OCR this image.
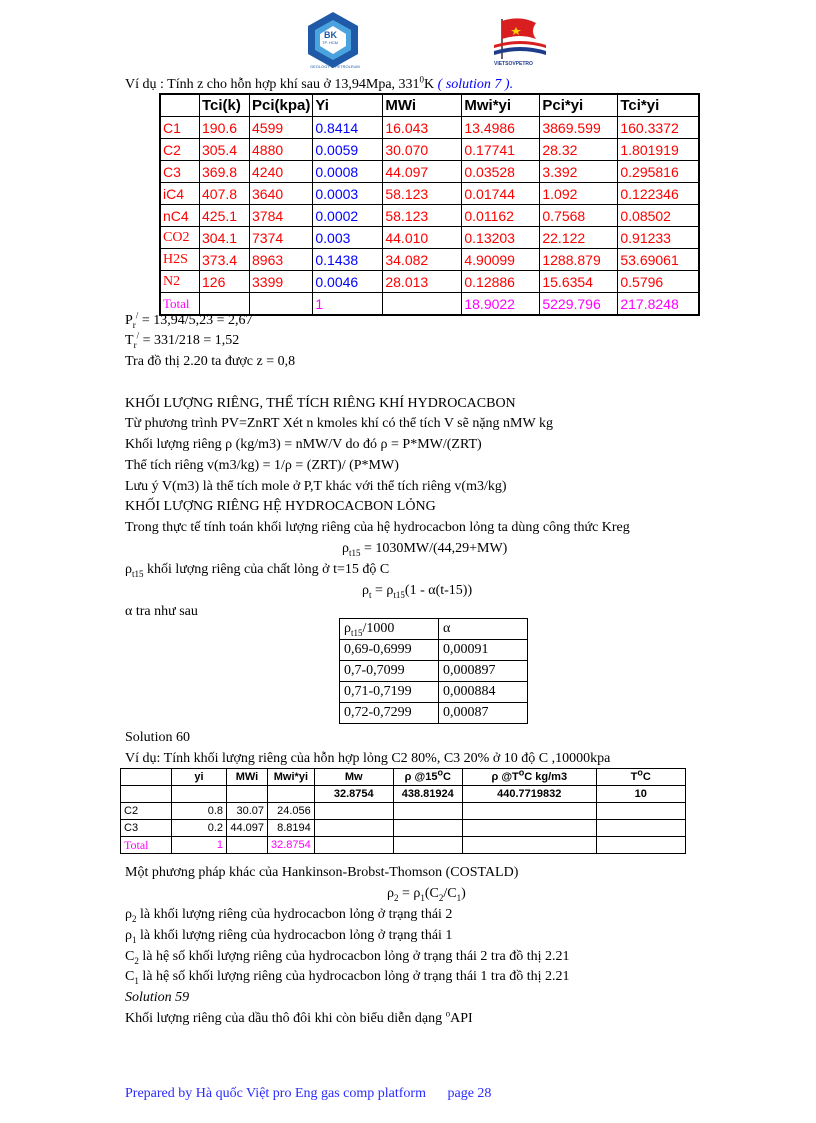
BK
TP. HCM
GEOLOGY & PETROLEUM	VIETSOVPETRO
Ví dụ : Tính z cho hỗn hợp khí sau ở 13,94Mpa, $331^0K$ ( solution 7 ).
	Tci(k)	Pci(kpa)	Yi	MWi	Mwi*yi	Pci*yi	Tci*yi
C1	190.6	4599	0.8414	16.043	13.4986	3869.599	160.3372
C2	305.4	4880	0.0059	30.070	0.17741	28.32	1.801919
C3	369.8	4240	0.0008	44.097	0.03528	3.392	0.295816
iC4	407.8	3640	0.0003	58.123	0.01744	1.092	0.122346
nC4	425.1	3784	0.0002	58.123	0.01162	0.7568	0.08502
CO2	304.1	7374	0.003	44.010	0.13203	22.122	0.91233
H2S	373.4	8963	0.1438	34.082	4.90099	1288.879	53.69061
N2	126	3399	0.0046	28.013	0.12886	15.6354	0.5796
Total			1		18.9022	5229.796	217.8248
$P_r^/ = 13,94/5,23 = 2,67$
$T_r^/ = 331/218 = 1,52$
Tra đồ thị 2.20 ta được z = 0,8
KHỐI LƯỢNG RIÊNG, THỂ TÍCH RIÊNG KHÍ HYDROCACBON
Từ phương trình PV=ZnRT Xét n kmoles khí có thể tích V sẽ nặng nMW kg
Khối lượng riêng ρ (kg/m3) = nMW/V do đó ρ = P*MW/(ZRT)
Thể tích riêng v(m3/kg) = 1/ρ = (ZRT)/ (P*MW)
Lưu ý V(m3) là thể tích mole ở P,T khác với thể tích riêng v(m3/kg)
KHỐI LƯỢNG RIÊNG HỆ HYDROCACBON LỎNG
Trong thực tế tính toán khối lượng riêng của hệ hydrocacbon lỏng ta dùng công thức Kreg
$\rho_{t15} = 1030MW/(44,29+MW)$
$\rho_{t15}$ khối lượng riêng của chất lỏng ở t=15 độ C
$\rho_t = \rho_{t15}(1 - \alpha(t-15))$
α tra như sau
$\rho_{t15}/1000$	α
0,69-0,6999	0,00091
0,7-0,7099	0,000897
0,71-0,7199	0,000884
0,72-0,7299	0,00087
Solution 60
Ví dụ: Tính khối lượng riêng của hỗn hợp lỏng C2 80%, C3 20% ở 10 độ C ,10000kpa
	yi	MWi	Mwi*yi	Mw	ρ @15$^o$C	ρ $@T^oC$ kg/m3	$T^oC$
				32.8754	438.81924	440.7719832	10
C2	0.8	30.07	24.056				
C3	0.2	44.097	8.8194				
Total	1		32.8754				
Một phương pháp khác của Hankinson-Brobst-Thomson (COSTALD)
$\rho_2 = \rho_1(C_2/C_1)$
$\rho_2$ là khối lượng riêng của hydrocacbon lỏng ở trạng thái 2
$\rho_1$ là khối lượng riêng của hydrocacbon lỏng ở trạng thái 1
$C_2$ là hệ số khối lượng riêng của hydrocacbon lỏng ở trạng thái 2 tra đồ thị 2.21
$C_1$ là hệ số khối lượng riêng của hydrocacbon lỏng ở trạng thái 1 tra đồ thị 2.21
Solution 59
Khối lượng riêng của dầu thô đôi khi còn biểu diễn dạng $^o$API
Prepared by Hà quốc Việt pro Eng gas comp platform page 28
